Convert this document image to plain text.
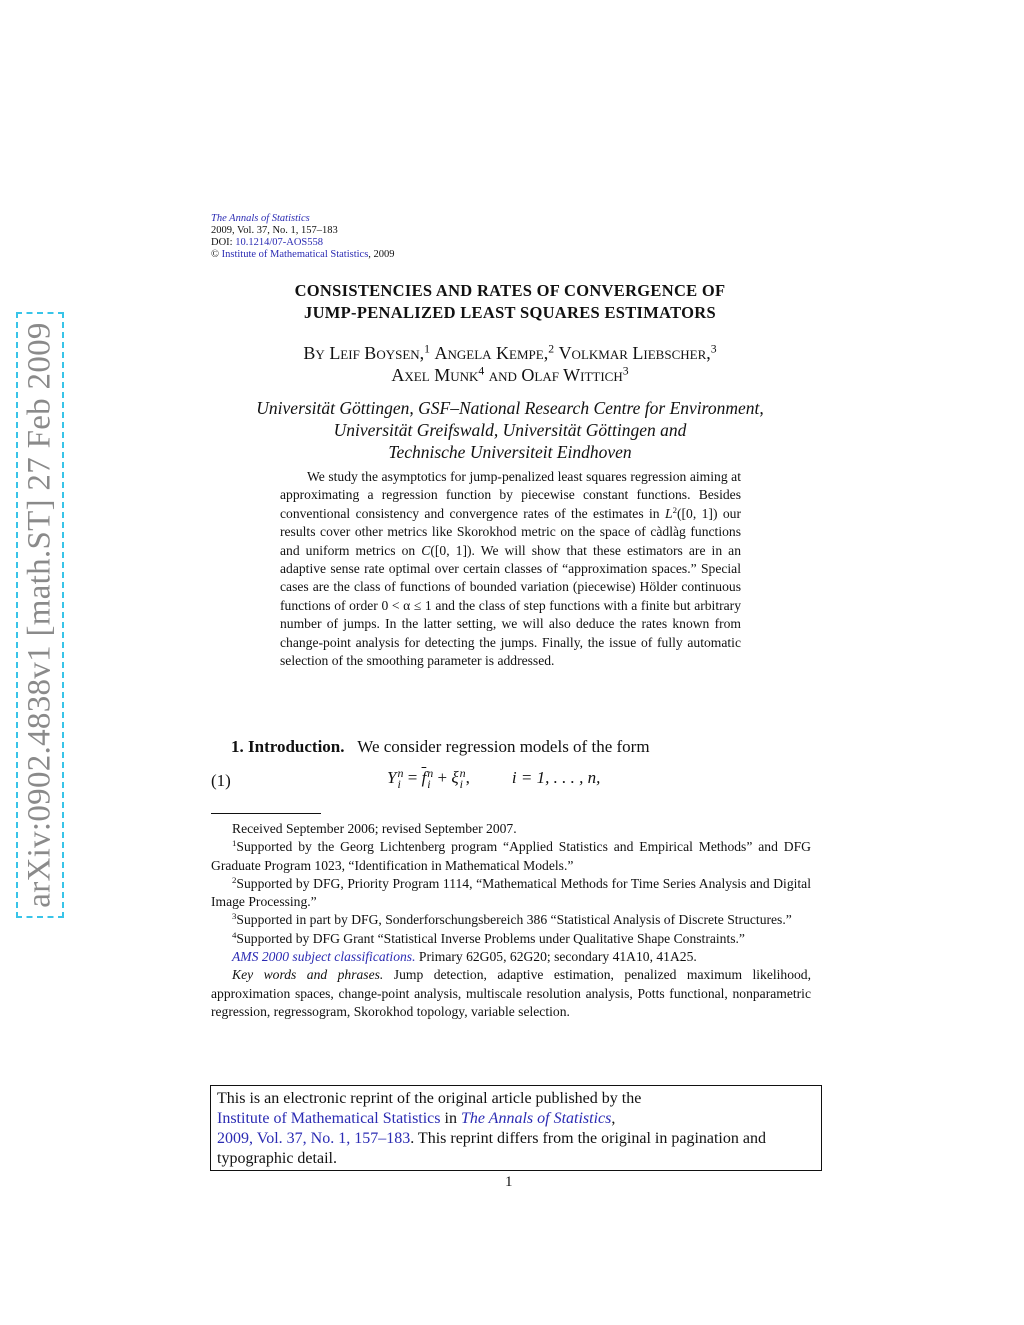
arXiv:0902.4838v1 [math.ST] 27 Feb 2009
The Annals of Statistics
2009, Vol. 37, No. 1, 157–183
DOI: 10.1214/07-AOS558
© Institute of Mathematical Statistics, 2009
CONSISTENCIES AND RATES OF CONVERGENCE OF
JUMP-PENALIZED LEAST SQUARES ESTIMATORS
By Leif Boysen,$^1$ Angela Kempe,$^2$ Volkmar Liebscher,$^3$
Axel Munk$^4$ and Olaf Wittich$^3$
Universität Göttingen, GSF–National Research Centre for Environment,
Universität Greifswald, Universität Göttingen and
Technische Universiteit Eindhoven
We study the asymptotics for jump-penalized least squares regression aiming at approximating a regression function by piecewise constant functions. Besides conventional consistency and convergence rates of the estimates in $L^2([0$, 1]) our results cover other metrics like Skorokhod metric on the space of càdlàg functions and uniform metrics on C([0, 1]). We will show that these estimators are in an adaptive sense rate optimal over certain classes of “approximation spaces.” Special cases are the class of functions of bounded variation (piecewise) Hölder continuous functions of order 0 < α ≤ 1 and the class of step functions with a finite but arbitrary number of jumps. In the latter setting, we will also deduce the rates known from change-point analysis for detecting the jumps. Finally, the issue of fully automatic selection of the smoothing parameter is addressed.
1. Introduction. We consider regression models of the form
(1)	Y n
$i = \overline{f}$ n
i + ξ n
i , i = 1, . . . , n,

Received September 2006; revised September 2007.

$^1$Supported by the Georg Lichtenberg program “Applied Statistics and Empirical Methods” and DFG Graduate Program 1023, “Identification in Mathematical Models.”

$^2$Supported by DFG, Priority Program 1114, “Mathematical Methods for Time Series Analysis and Digital Image Processing.”

$^3$Supported in part by DFG, Sonderforschungsbereich 386 “Statistical Analysis of Discrete Structures.”

$^4$Supported by DFG Grant “Statistical Inverse Problems under Qualitative Shape Constraints.”

AMS 2000 subject classifications. Primary 62G05, 62G20; secondary 41A10, 41A25.

Key words and phrases. Jump detection, adaptive estimation, penalized maximum likelihood, approximation spaces, change-point analysis, multiscale resolution analysis, Potts functional, nonparametric regression, regressogram, Skorokhod topology, variable selection.

This is an electronic reprint of the original article published by the
Institute of Mathematical Statistics in The Annals of Statistics,
2009, Vol. 37, No. 1, 157–183. This reprint differs from the original in pagination and typographic detail.
1
